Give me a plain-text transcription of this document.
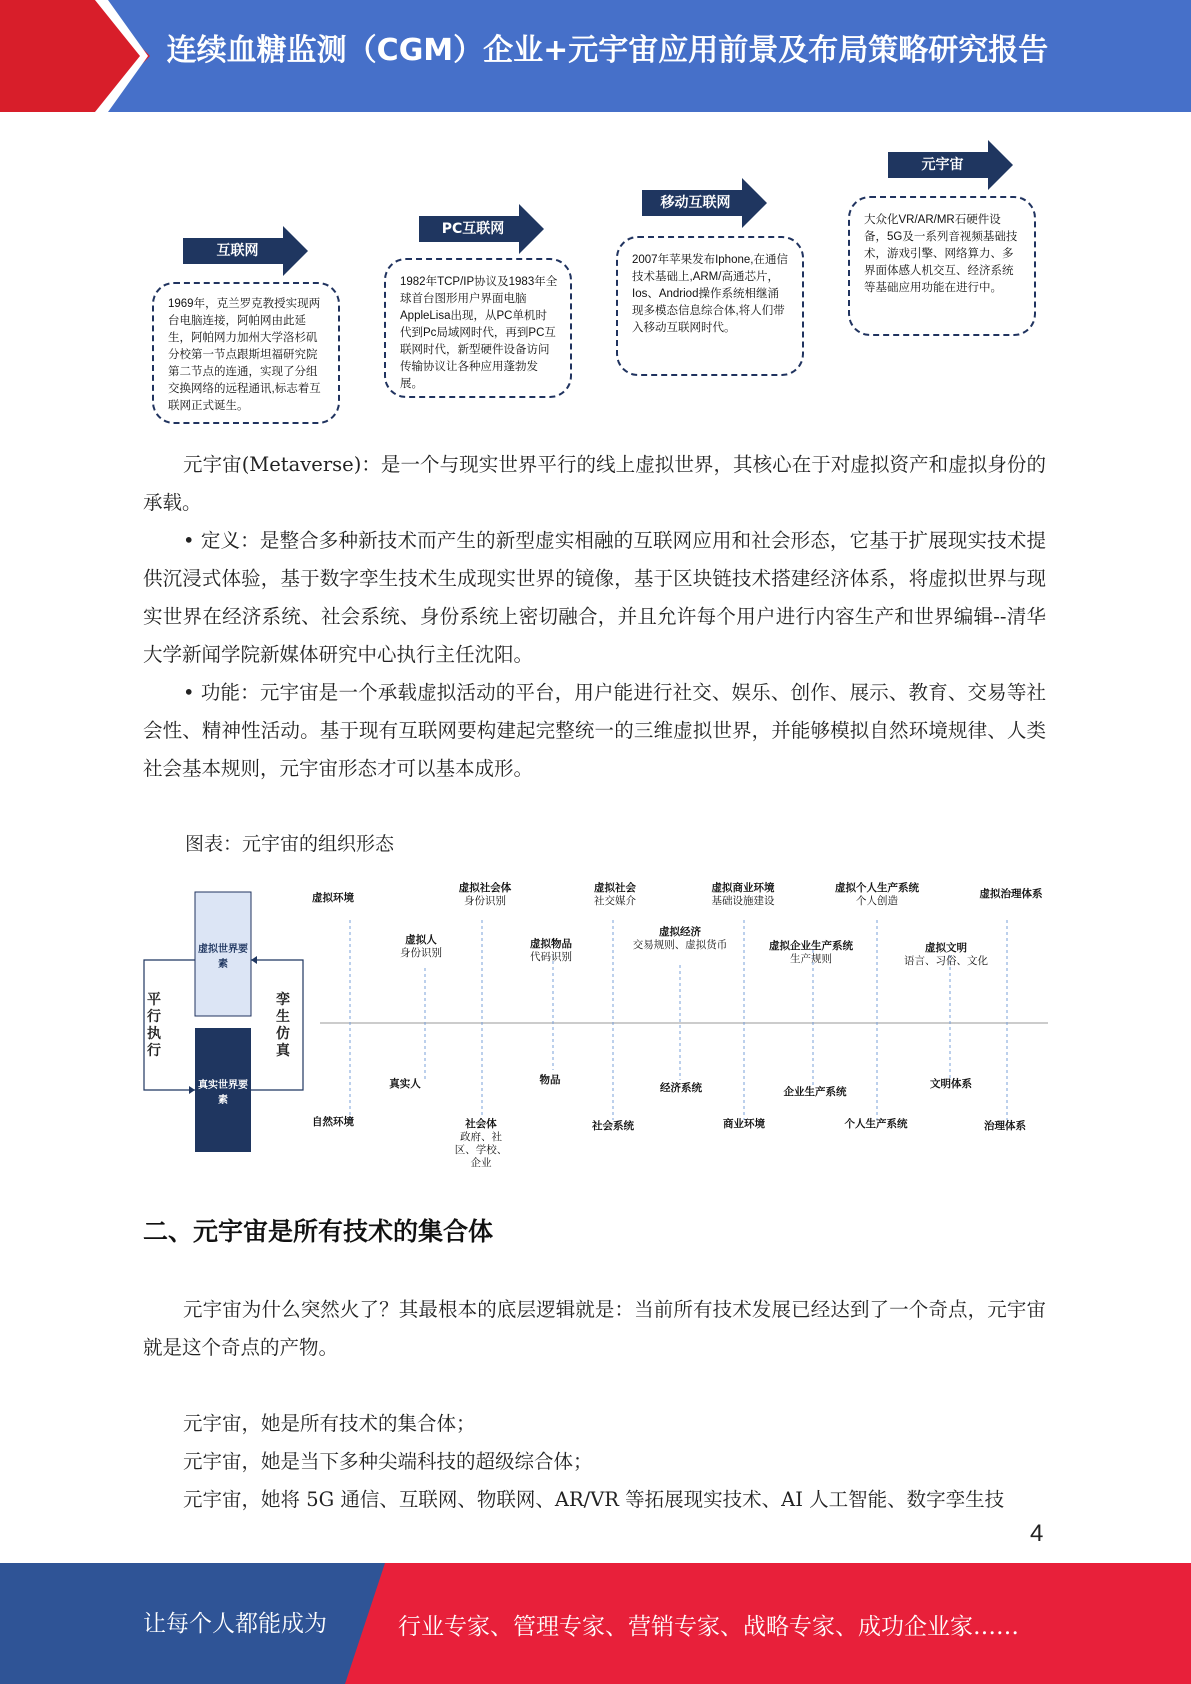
连续血糖监测（CGM）企业+元宇宙应用前景及布局策略研究报告
互联网
PC互联网
移动互联网
元宇宙
1969年，克兰罗克教授实现两台电脑连接，阿帕网由此延生，阿帕网力加州大学洛杉矶分校第一节点跟斯坦福研究院第二节点的连通，实现了分组交换网络的远程通讯,标志着互联网正式诞生。
1982年TCP/IP协议及1983年全球首台图形用户界面电脑AppleLisa出现，从PC单机时代到Pc局域网时代，再到PC互联网时代，新型硬件设备访问传输协议让各种应用蓬勃发展。
2007年苹果发布Iphone,在通信技术基础上,ARM/高通芯片，Ios、Andriod操作系统相继涌现多模态信息综合体,将人们带入移动互联网时代。
大众化VR/AR/MR石硬件设备，5G及一系列音视频基础技术，游戏引擎、网络算力、多界面体感人机交互、经济系统等基础应用功能在进行中。

元宇宙(Metaverse)：是一个与现实世界平行的线上虚拟世界，其核心在于对虚拟资产和虚拟身份的承载。

• 定义：是整合多种新技术而产生的新型虚实相融的互联网应用和社会形态，它基于扩展现实技术提供沉浸式体验，基于数字孪生技术生成现实世界的镜像，基于区块链技术搭建经济体系，将虚拟世界与现实世界在经济系统、社会系统、身份系统上密切融合，并且允许每个用户进行内容生产和世界编辑--清华大学新闻学院新媒体研究中心执行主任沈阳。

• 功能：元宇宙是一个承载虚拟活动的平台，用户能进行社交、娱乐、创作、展示、教育、交易等社会性、精神性活动。基于现有互联网要构建起完整统一的三维虚拟世界，并能够模拟自然环境规律、人类社会基本规则，元宇宙形态才可以基本成形。

图表：元宇宙的组织形态
虚拟世界要素
真实世界要素
平行执行
孪生仿真
虚拟环境
虚拟人
身份识别
虚拟社会体
身份识别
虚拟物品
代码识别
虚拟社会
社交媒介
虚拟经济
交易规则、虚拟货币
虚拟商业环境
基础设施建设
虚拟企业生产系统
生产规则
虚拟个人生产系统
个人创造
虚拟文明
语言、习俗、文化
虚拟治理体系
自然环境
真实人
社会体
政府、社区、学校、企业
物品
社会系统
经济系统
商业环境
企业生产系统
个人生产系统
文明体系
治理体系
二、元宇宙是所有技术的集合体

元宇宙为什么突然火了？其最根本的底层逻辑就是：当前所有技术发展已经达到了一个奇点，元宇宙就是这个奇点的产物。

元宇宙，她是所有技术的集合体；

元宇宙，她是当下多种尖端科技的超级综合体；

元宇宙，她将 5G 通信、互联网、物联网、AR/VR 等拓展现实技术、AI 人工智能、数字孪生技

4
让每个人都能成为	行业专家、管理专家、营销专家、战略专家、成功企业家……
